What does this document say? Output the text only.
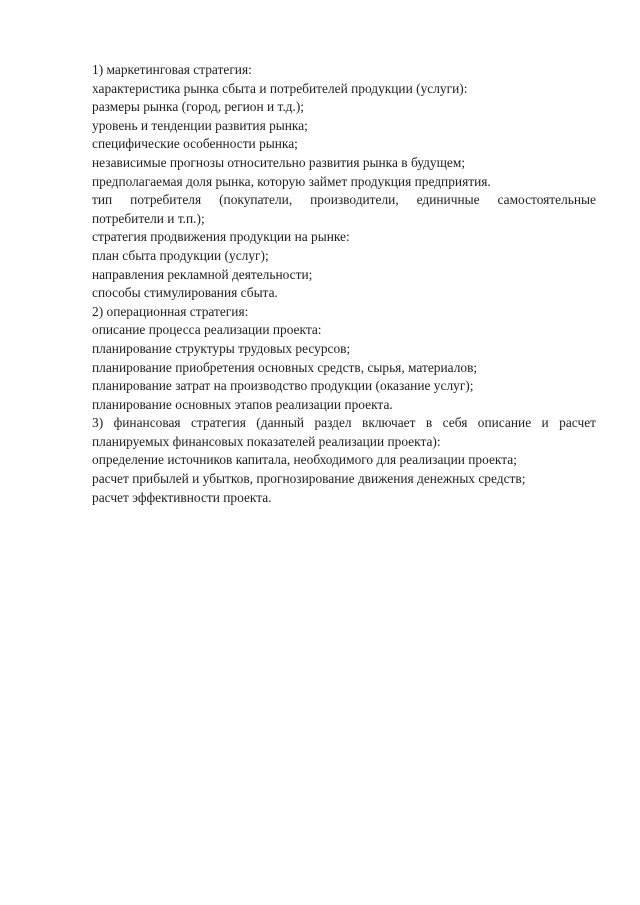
1) маркетинговая стратегия:
характеристика рынка сбыта и потребителей продукции (услуги):
размеры рынка (город, регион и т.д.);
уровень и тенденции развития рынка;
специфические особенности рынка;
независимые прогнозы относительно развития рынка в будущем;
предполагаемая доля рынка, которую займет продукция предприятия.
тип потребителя (покупатели, производители, единичные самостоятельные
потребители и т.п.);
стратегия продвижения продукции на рынке:
план сбыта продукции (услуг);
направления рекламной деятельности;
способы стимулирования сбыта.
2) операционная стратегия:
описание процесса реализации проекта:
планирование структуры трудовых ресурсов;
планирование приобретения основных средств, сырья, материалов;
планирование затрат на производство продукции (оказание услуг);
планирование основных этапов реализации проекта.
3) финансовая стратегия (данный раздел включает в себя описание и расчет
планируемых финансовых показателей реализации проекта):
определение источников капитала, необходимого для реализации проекта;
расчет прибылей и убытков, прогнозирование движения денежных средств;
расчет эффективности проекта.
